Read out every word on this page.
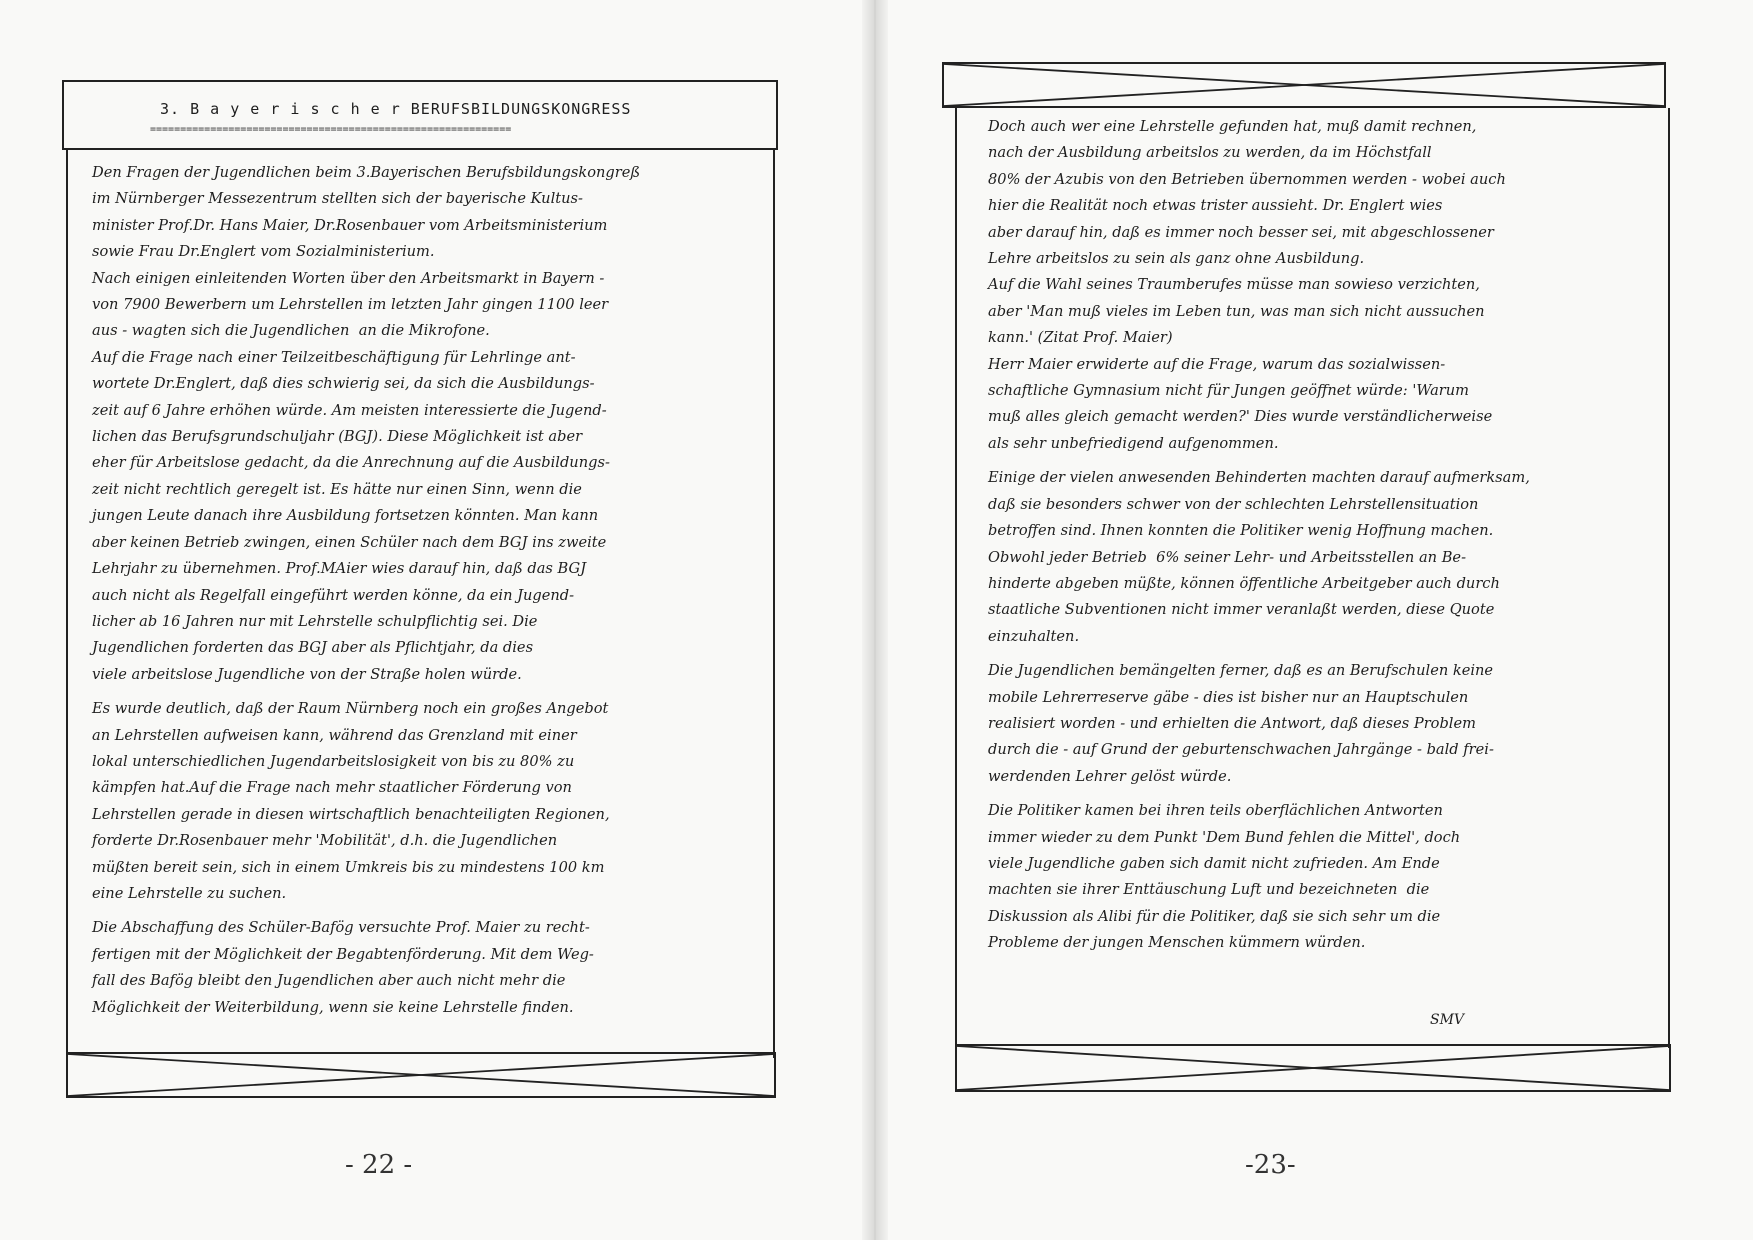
3. B a y e r i s c h e r BERUFSBILDUNGSKONGRESS
============================================================
Den Fragen der Jugendlichen beim 3.Bayerischen Berufsbildungskongreß
im Nürnberger Messezentrum stellten sich der bayerische Kultus-
minister Prof.Dr. Hans Maier, Dr.Rosenbauer vom Arbeitsministerium
sowie Frau Dr.Englert vom Sozialministerium.
Nach einigen einleitenden Worten über den Arbeitsmarkt in Bayern -
von 7900 Bewerbern um Lehrstellen im letzten Jahr gingen 1100 leer
aus - wagten sich die Jugendlichen  an die Mikrofone.
Auf die Frage nach einer Teilzeitbeschäftigung für Lehrlinge ant-
wortete Dr.Englert, daß dies schwierig sei, da sich die Ausbildungs-
zeit auf 6 Jahre erhöhen würde. Am meisten interessierte die Jugend-
lichen das Berufsgrundschuljahr (BGJ). Diese Möglichkeit ist aber
eher für Arbeitslose gedacht, da die Anrechnung auf die Ausbildungs-
zeit nicht rechtlich geregelt ist. Es hätte nur einen Sinn, wenn die
jungen Leute danach ihre Ausbildung fortsetzen könnten. Man kann
aber keinen Betrieb zwingen, einen Schüler nach dem BGJ ins zweite
Lehrjahr zu übernehmen. Prof.MAier wies darauf hin, daß das BGJ
auch nicht als Regelfall eingeführt werden könne, da ein Jugend-
licher ab 16 Jahren nur mit Lehrstelle schulpflichtig sei. Die
Jugendlichen forderten das BGJ aber als Pflichtjahr, da dies
viele arbeitslose Jugendliche von der Straße holen würde.
Es wurde deutlich, daß der Raum Nürnberg noch ein großes Angebot
an Lehrstellen aufweisen kann, während das Grenzland mit einer
lokal unterschiedlichen Jugendarbeitslosigkeit von bis zu 80% zu
kämpfen hat.Auf die Frage nach mehr staatlicher Förderung von
Lehrstellen gerade in diesen wirtschaftlich benachteiligten Regionen,
forderte Dr.Rosenbauer mehr 'Mobilität', d.h. die Jugendlichen
müßten bereit sein, sich in einem Umkreis bis zu mindestens 100 km
eine Lehrstelle zu suchen.
Die Abschaffung des Schüler-Bafög versuchte Prof. Maier zu recht-
fertigen mit der Möglichkeit der Begabtenförderung. Mit dem Weg-
fall des Bafög bleibt den Jugendlichen aber auch nicht mehr die
Möglichkeit der Weiterbildung, wenn sie keine Lehrstelle finden.
- 22 -
Doch auch wer eine Lehrstelle gefunden hat, muß damit rechnen,
nach der Ausbildung arbeitslos zu werden, da im Höchstfall
80% der Azubis von den Betrieben übernommen werden - wobei auch
hier die Realität noch etwas trister aussieht. Dr. Englert wies
aber darauf hin, daß es immer noch besser sei, mit abgeschlossener
Lehre arbeitslos zu sein als ganz ohne Ausbildung.
Auf die Wahl seines Traumberufes müsse man sowieso verzichten,
aber 'Man muß vieles im Leben tun, was man sich nicht aussuchen
kann.' (Zitat Prof. Maier)
Herr Maier erwiderte auf die Frage, warum das sozialwissen-
schaftliche Gymnasium nicht für Jungen geöffnet würde: 'Warum
muß alles gleich gemacht werden?' Dies wurde verständlicherweise
als sehr unbefriedigend aufgenommen.
Einige der vielen anwesenden Behinderten machten darauf aufmerksam,
daß sie besonders schwer von der schlechten Lehrstellensituation
betroffen sind. Ihnen konnten die Politiker wenig Hoffnung machen.
Obwohl jeder Betrieb  6% seiner Lehr- und Arbeitsstellen an Be-
hinderte abgeben müßte, können öffentliche Arbeitgeber auch durch
staatliche Subventionen nicht immer veranlaßt werden, diese Quote
einzuhalten.
Die Jugendlichen bemängelten ferner, daß es an Berufschulen keine
mobile Lehrerreserve gäbe - dies ist bisher nur an Hauptschulen
realisiert worden - und erhielten die Antwort, daß dieses Problem
durch die - auf Grund der geburtenschwachen Jahrgänge - bald frei-
werdenden Lehrer gelöst würde.
Die Politiker kamen bei ihren teils oberflächlichen Antworten
immer wieder zu dem Punkt 'Dem Bund fehlen die Mittel', doch
viele Jugendliche gaben sich damit nicht zufrieden. Am Ende
machten sie ihrer Enttäuschung Luft und bezeichneten  die
Diskussion als Alibi für die Politiker, daß sie sich sehr um die
Probleme der jungen Menschen kümmern würden.
SMV
-23-
